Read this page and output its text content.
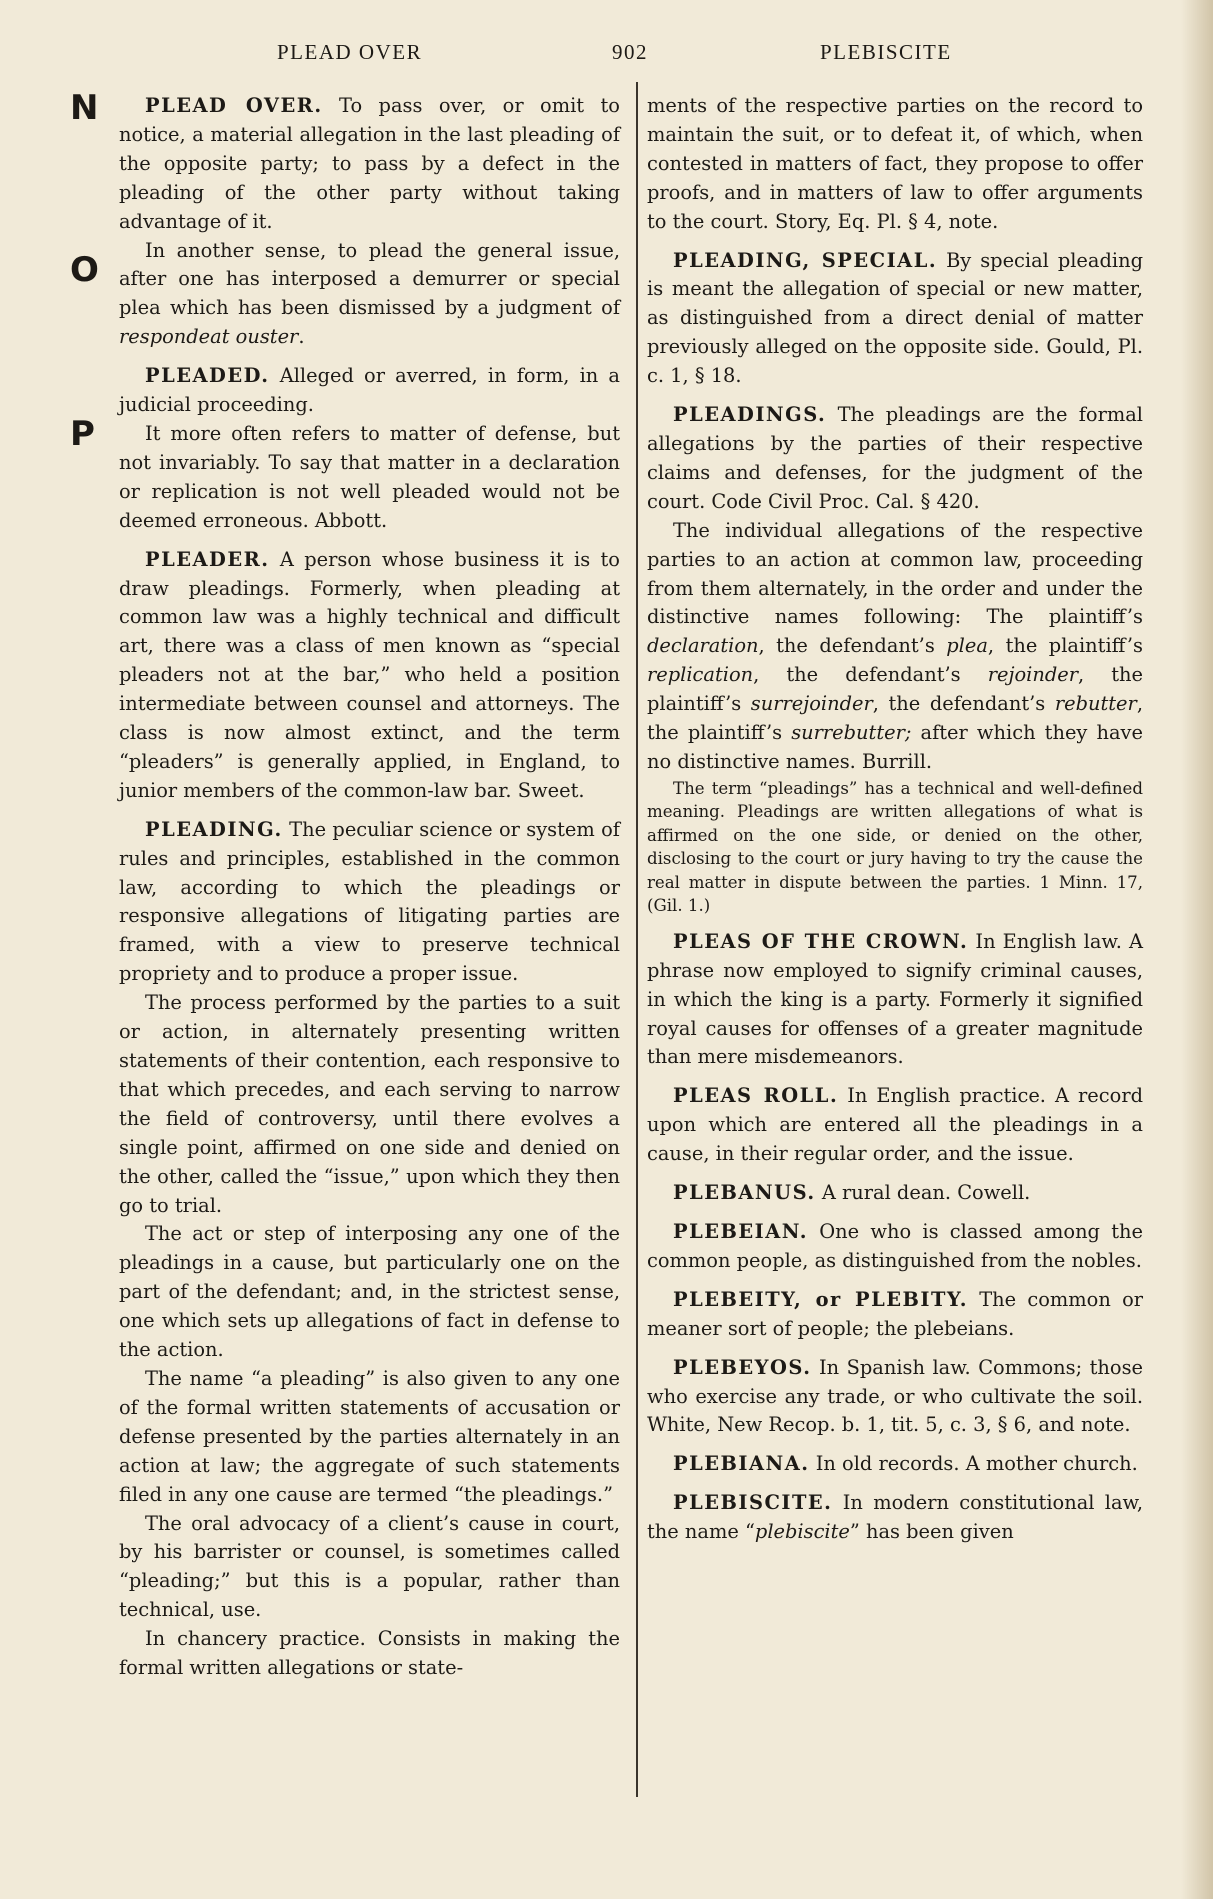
PLEAD OVER	902	PLEBISCITE
N
O
P

PLEAD OVER. To pass over, or omit to notice, a material allegation in the last pleading of the opposite party; to pass by a defect in the pleading of the other party without taking advantage of it.

In another sense, to plead the general issue, after one has interposed a demurrer or special plea which has been dismissed by a judgment of respondeat ouster.

PLEADED. Alleged or averred, in form, in a judicial proceeding.

It more often refers to matter of defense, but not invariably. To say that matter in a declaration or replication is not well pleaded would not be deemed erroneous. Abbott.

PLEADER. A person whose business it is to draw pleadings. Formerly, when pleading at common law was a highly technical and difficult art, there was a class of men known as “special pleaders not at the bar,” who held a position intermediate between counsel and attorneys. The class is now almost extinct, and the term “pleaders” is generally applied, in England, to junior members of the common-law bar. Sweet.

PLEADING. The peculiar science or system of rules and principles, established in the common law, according to which the pleadings or responsive allegations of litigating parties are framed, with a view to preserve technical propriety and to produce a proper issue.

The process performed by the parties to a suit or action, in alternately presenting written statements of their contention, each responsive to that which precedes, and each serving to narrow the field of controversy, until there evolves a single point, affirmed on one side and denied on the other, called the “issue,” upon which they then go to trial.

The act or step of interposing any one of the pleadings in a cause, but particularly one on the part of the defendant; and, in the strictest sense, one which sets up allegations of fact in defense to the action.

The name “a pleading” is also given to any one of the formal written statements of accusation or defense presented by the parties alternately in an action at law; the aggregate of such statements filed in any one cause are termed “the pleadings.”

The oral advocacy of a client’s cause in court, by his barrister or counsel, is sometimes called “pleading;” but this is a popular, rather than technical, use.

In chancery practice. Consists in making the formal written allegations or state-

ments of the respective parties on the record to maintain the suit, or to defeat it, of which, when contested in matters of fact, they propose to offer proofs, and in matters of law to offer arguments to the court. Story, Eq. Pl. § 4, note.

PLEADING, SPECIAL. By special pleading is meant the allegation of special or new matter, as distinguished from a direct denial of matter previously alleged on the opposite side. Gould, Pl. c. 1, § 18.

PLEADINGS. The pleadings are the formal allegations by the parties of their respective claims and defenses, for the judgment of the court. Code Civil Proc. Cal. § 420.

The individual allegations of the respective parties to an action at common law, proceeding from them alternately, in the order and under the distinctive names following: The plaintiff’s declaration, the defendant’s plea, the plaintiff’s replication, the defendant’s rejoinder, the plaintiff’s surrejoinder, the defendant’s rebutter, the plaintiff’s surrebutter; after which they have no distinctive names. Burrill.

The term “pleadings” has a technical and well-defined meaning. Pleadings are written allegations of what is affirmed on the one side, or denied on the other, disclosing to the court or jury having to try the cause the real matter in dispute between the parties. 1 Minn. 17, (Gil. 1.)

PLEAS OF THE CROWN. In English law. A phrase now employed to signify criminal causes, in which the king is a party. Formerly it signified royal causes for offenses of a greater magnitude than mere misdemeanors.

PLEAS ROLL. In English practice. A record upon which are entered all the pleadings in a cause, in their regular order, and the issue.

PLEBANUS. A rural dean. Cowell.

PLEBEIAN. One who is classed among the common people, as distinguished from the nobles.

PLEBEITY, or PLEBITY. The common or meaner sort of people; the plebeians.

PLEBEYOS. In Spanish law. Commons; those who exercise any trade, or who cultivate the soil. White, New Recop. b. 1, tit. 5, c. 3, § 6, and note.

PLEBIANA. In old records. A mother church.

PLEBISCITE. In modern constitutional law, the name “plebiscite” has been given
